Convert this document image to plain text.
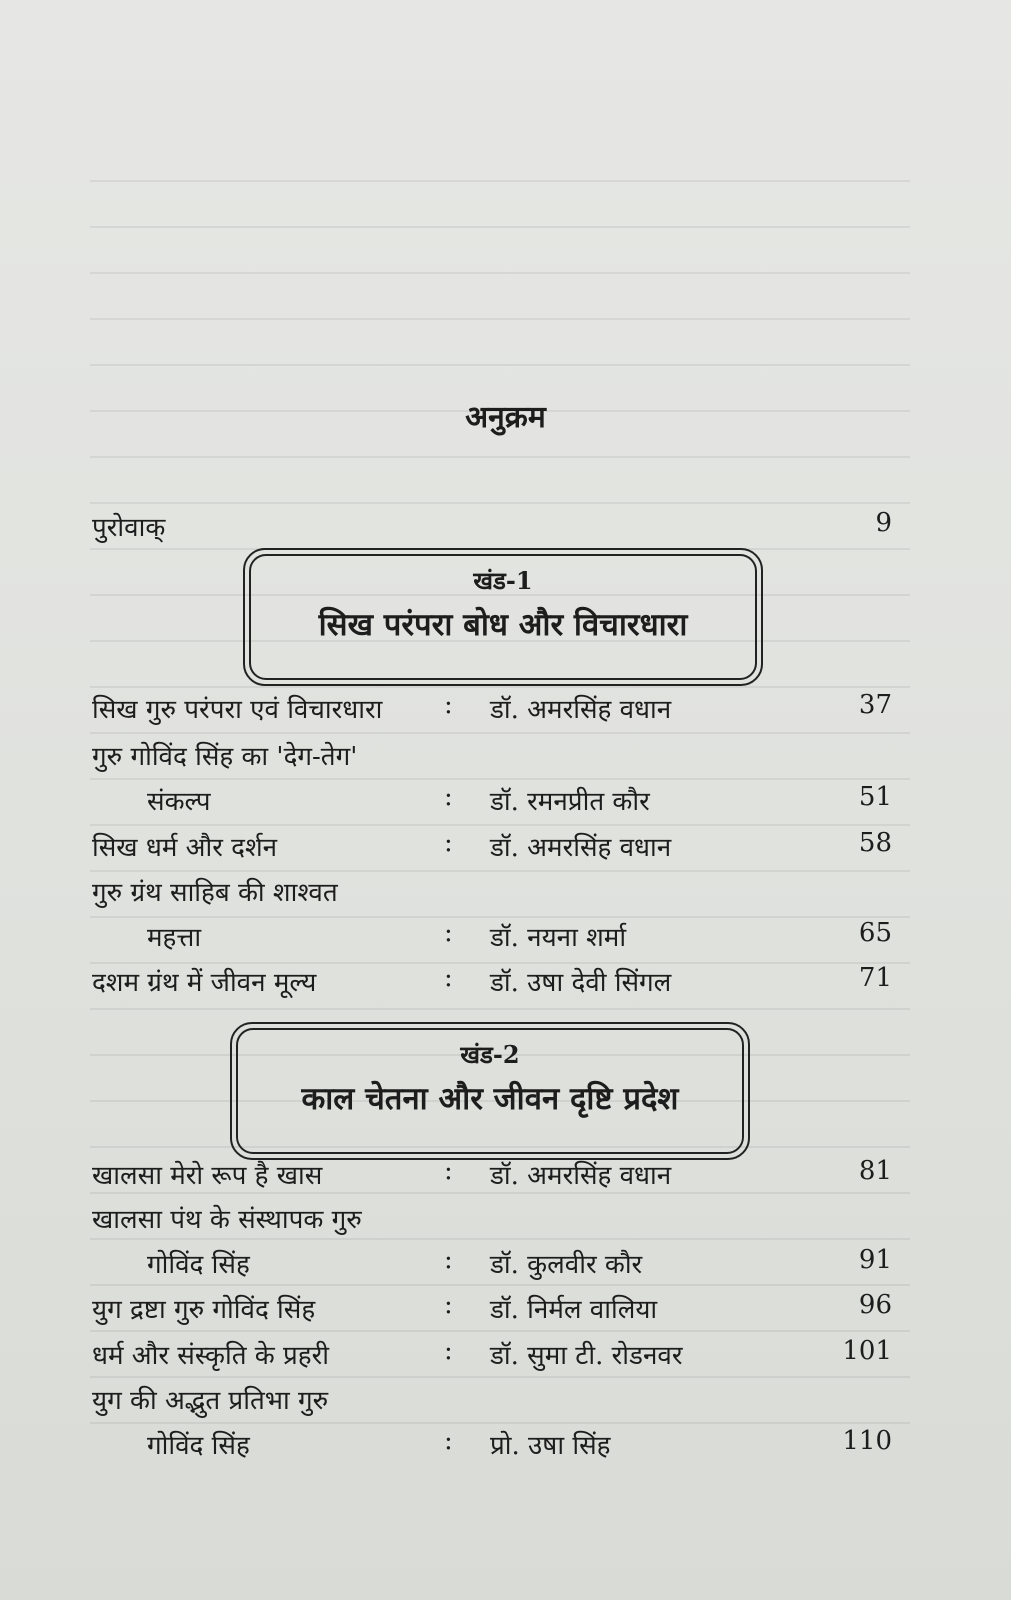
अनुक्रम
पुरोवाक्	9
खंड-1
सिख परंपरा बोध और विचारधारा
सिख गुरु परंपरा एवं विचारधारा : डॉ. अमरसिंह वधान	37
गुरु गोविंद सिंह का 'देग-तेग'
संकल्प	: डॉ. रमनप्रीत कौर	51
सिख धर्म और दर्शन	: डॉ. अमरसिंह वधान	58
गुरु ग्रंथ साहिब की शाश्वत
महत्ता	: डॉ. नयना शर्मा	65
दशम ग्रंथ में जीवन मूल्य	: डॉ. उषा देवी सिंगल	71
खंड-2
काल चेतना और जीवन दृष्टि प्रदेश
खालसा मेरो रूप है खास	: डॉ. अमरसिंह वधान	81
खालसा पंथ के संस्थापक गुरु
गोविंद सिंह	: डॉ. कुलवीर कौर	91
युग द्रष्टा गुरु गोविंद सिंह	: डॉ. निर्मल वालिया	96
धर्म और संस्कृति के प्रहरी	: डॉ. सुमा टी. रोडनवर	101
युग की अद्भुत प्रतिभा गुरु
गोविंद सिंह	: प्रो. उषा सिंह	110
